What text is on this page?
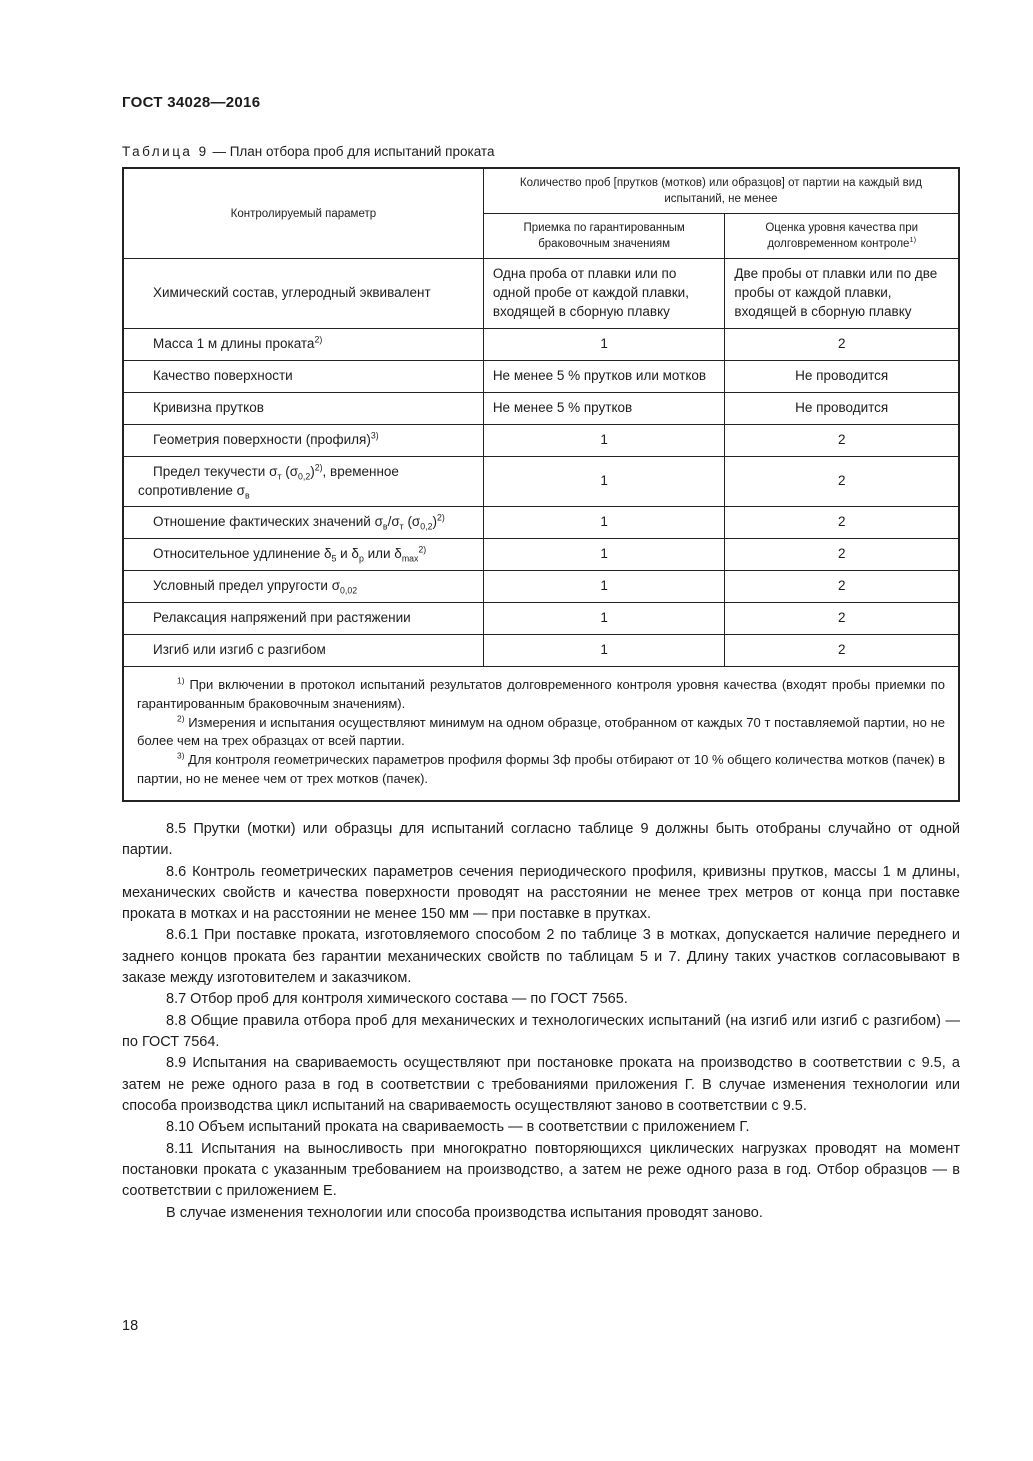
ГОСТ 34028—2016
Таблица 9 — План отбора проб для испытаний проката
Контролируемый параметр	Количество проб [прутков (мотков) или образцов] от партии на каждый вид испытаний, не менее	
	Приемка по гарантированным браковочным значениям	Оценка уровня качества при долговременном контроле$^{1)}$
Химический состав, углеродный эквивалент	Одна проба от плавки или по одной пробе от каждой плавки, входящей в сборную плавку	Две пробы от плавки или по две пробы от каждой плавки, входящей в сборную плавку
Масса 1 м длины проката$^{2)}$	1	2
Качество поверхности	Не менее 5 % прутков или мотков	Не проводится
Кривизна прутков	Не менее 5 % прутков	Не проводится
Геометрия поверхности (профиля)$^{3)}$	1	2
Предел текучести $\sigma_т$ $(\sigma_{0,2})^{2)}$, временное сопротивление $\sigma_в$	1	2
Отношение фактических значений $\sigma_в/\sigma_т$ $(\sigma_{0,2})^{2)}$	1	2
Относительное удлинение $\delta_5$ и $\delta_р$ или $\delta_{max}^{2)}$	1	2
Условный предел упругости $\sigma_{0,02}$	1	2
Релаксация напряжений при растяжении	1	2
Изгиб или изгиб с разгибом	1	2

$^{1)}$ При включении в протокол испытаний результатов долговременного контроля уровня качества (входят пробы приемки по гарантированным браковочным значениям).
$^{2)}$ Измерения и испытания осуществляют минимум на одном образце, отобранном от каждых 70 т поставляемой партии, но не более чем на трех образцах от всей партии.
$^{3)}$ Для контроля геометрических параметров профиля формы 3ф пробы отбирают от 10 % общего количества мотков (пачек) в партии, но не менее чем от трех мотков (пачек).		

8.5 Прутки (мотки) или образцы для испытаний согласно таблице 9 должны быть отобраны случайно от одной партии.

8.6 Контроль геометрических параметров сечения периодического профиля, кривизны прутков, массы 1 м длины, механических свойств и качества поверхности проводят на расстоянии не менее трех метров от конца при поставке проката в мотках и на расстоянии не менее 150 мм — при поставке в прутках.

8.6.1 При поставке проката, изготовляемого способом 2 по таблице 3 в мотках, допускается наличие переднего и заднего концов проката без гарантии механических свойств по таблицам 5 и 7. Длину таких участков согласовывают в заказе между изготовителем и заказчиком.

8.7 Отбор проб для контроля химического состава — по ГОСТ 7565.

8.8 Общие правила отбора проб для механических и технологических испытаний (на изгиб или изгиб с разгибом) — по ГОСТ 7564.

8.9 Испытания на свариваемость осуществляют при постановке проката на производство в соответствии с 9.5, а затем не реже одного раза в год в соответствии с требованиями приложения Г. В случае изменения технологии или способа производства цикл испытаний на свариваемость осуществляют заново в соответствии с 9.5.

8.10 Объем испытаний проката на свариваемость — в соответствии с приложением Г.

8.11 Испытания на выносливость при многократно повторяющихся циклических нагрузках проводят на момент постановки проката с указанным требованием на производство, а затем не реже одного раза в год. Отбор образцов — в соответствии с приложением Е.

В случае изменения технологии или способа производства испытания проводят заново.

18
